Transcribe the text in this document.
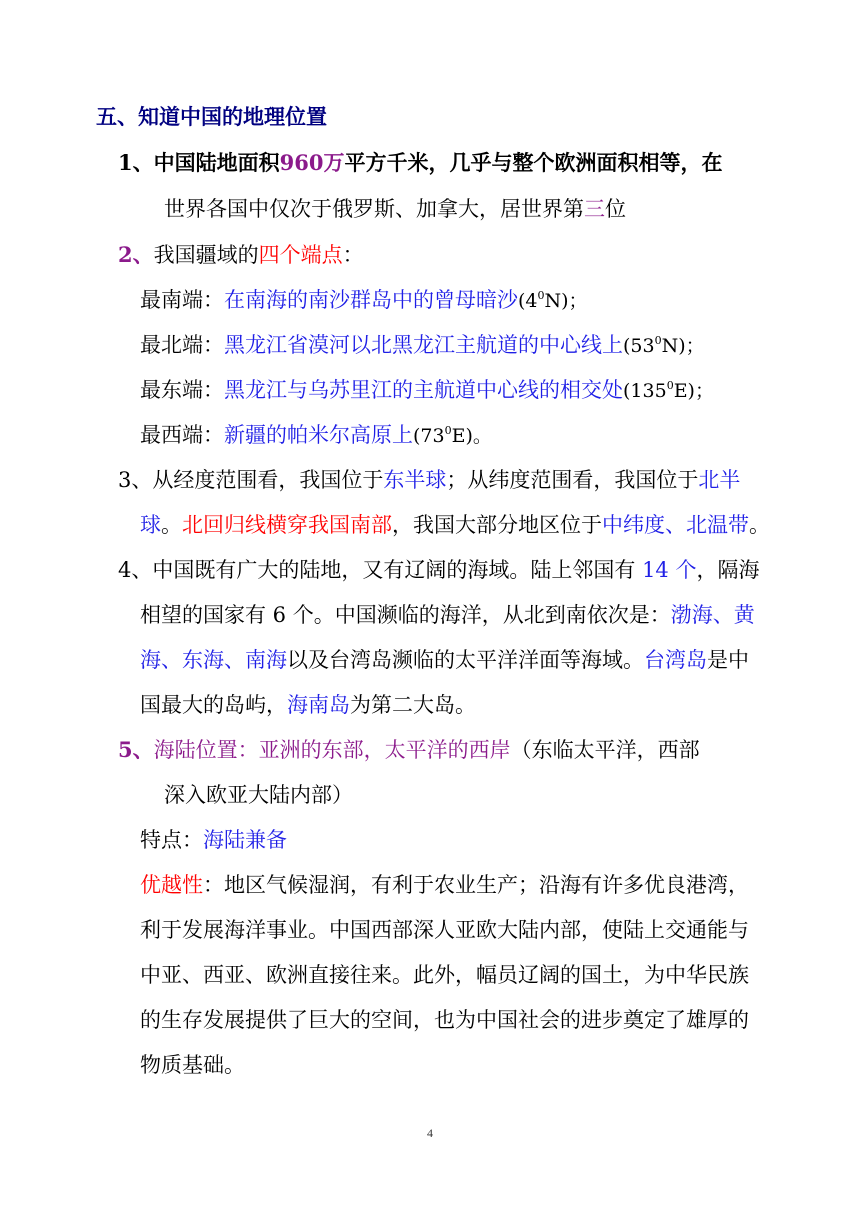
五、知道中国的地理位置
1、中国陆地面积960万平方千米，几乎与整个欧洲面积相等，在
世界各国中仅次于俄罗斯、加拿大，居世界第三位
2、我国疆域的四个端点：
最南端：在南海的南沙群岛中的曾母暗沙$(4^0N)$；
最北端：黑龙江省漠河以北黑龙江主航道的中心线上$(53^0N)$；
最东端：黑龙江与乌苏里江的主航道中心线的相交处$(135^0E)$；
最西端：新疆的帕米尔高原上$(73^0E)$。
3、从经度范围看，我国位于东半球；从纬度范围看，我国位于北半
球。北回归线横穿我国南部，我国大部分地区位于中纬度、北温带。
4、中国既有广大的陆地，又有辽阔的海域。陆上邻国有 14 个，隔海
相望的国家有 6 个。中国濒临的海洋，从北到南依次是：渤海、黄
海、东海、南海以及台湾岛濒临的太平洋洋面等海域。台湾岛是中
国最大的岛屿，海南岛为第二大岛。
5、海陆位置：亚洲的东部，太平洋的西岸（东临太平洋，西部
深入欧亚大陆内部）
特点：海陆兼备
优越性：地区气候湿润，有利于农业生产；沿海有许多优良港湾，
利于发展海洋事业。中国西部深人亚欧大陆内部，使陆上交通能与
中亚、西亚、欧洲直接往来。此外，幅员辽阔的国土，为中华民族
的生存发展提供了巨大的空间，也为中国社会的进步奠定了雄厚的
物质基础。
4
